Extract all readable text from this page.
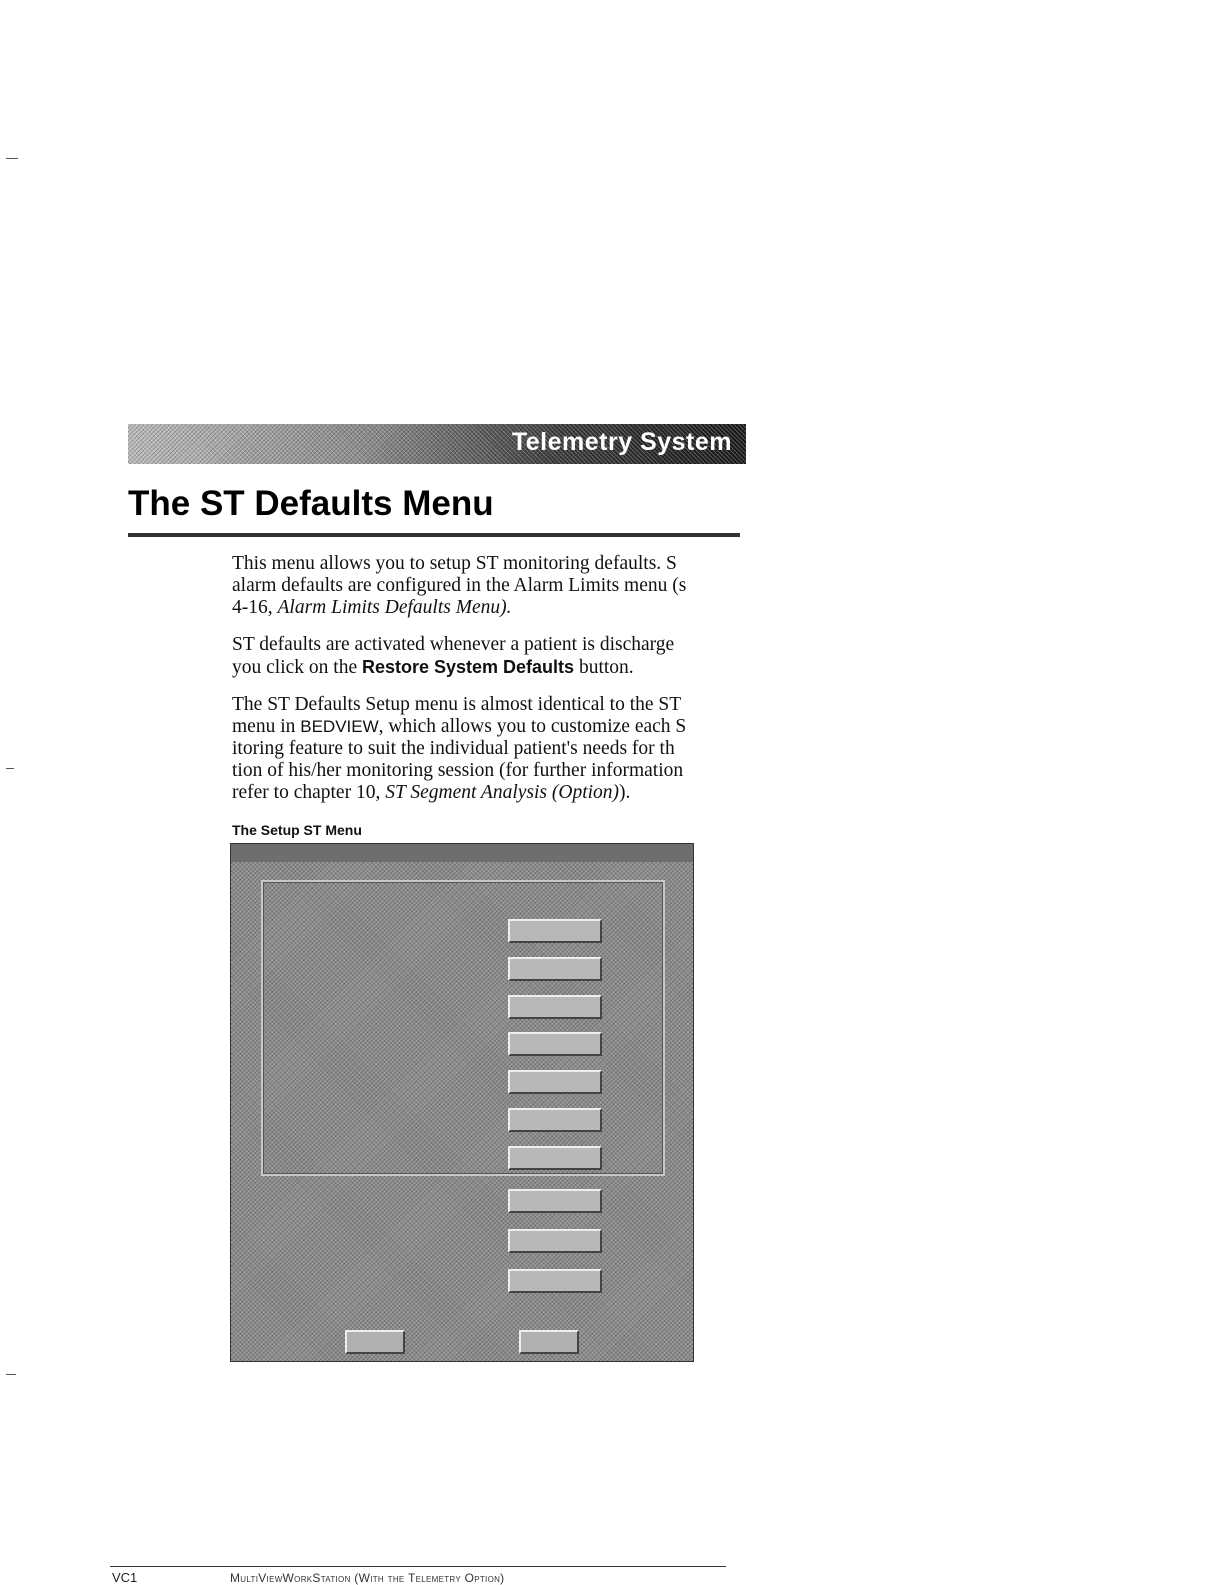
Telemetry System
The ST Defaults Menu
This menu allows you to setup ST monitoring defaults. S
alarm defaults are configured in the Alarm Limits menu (s
4-16, Alarm Limits Defaults Menu).
ST defaults are activated whenever a patient is discharge
you click on the Restore System Defaults button.
The ST Defaults Setup menu is almost identical to the ST
menu in BEDVIEW, which allows you to customize each S
itoring feature to suit the individual patient's needs for th
tion of his/her monitoring session (for further information
refer to chapter 10, ST Segment Analysis (Option)).
The Setup ST Menu
VC1	MultiViewWorkStation (With the Telemetry Option)
